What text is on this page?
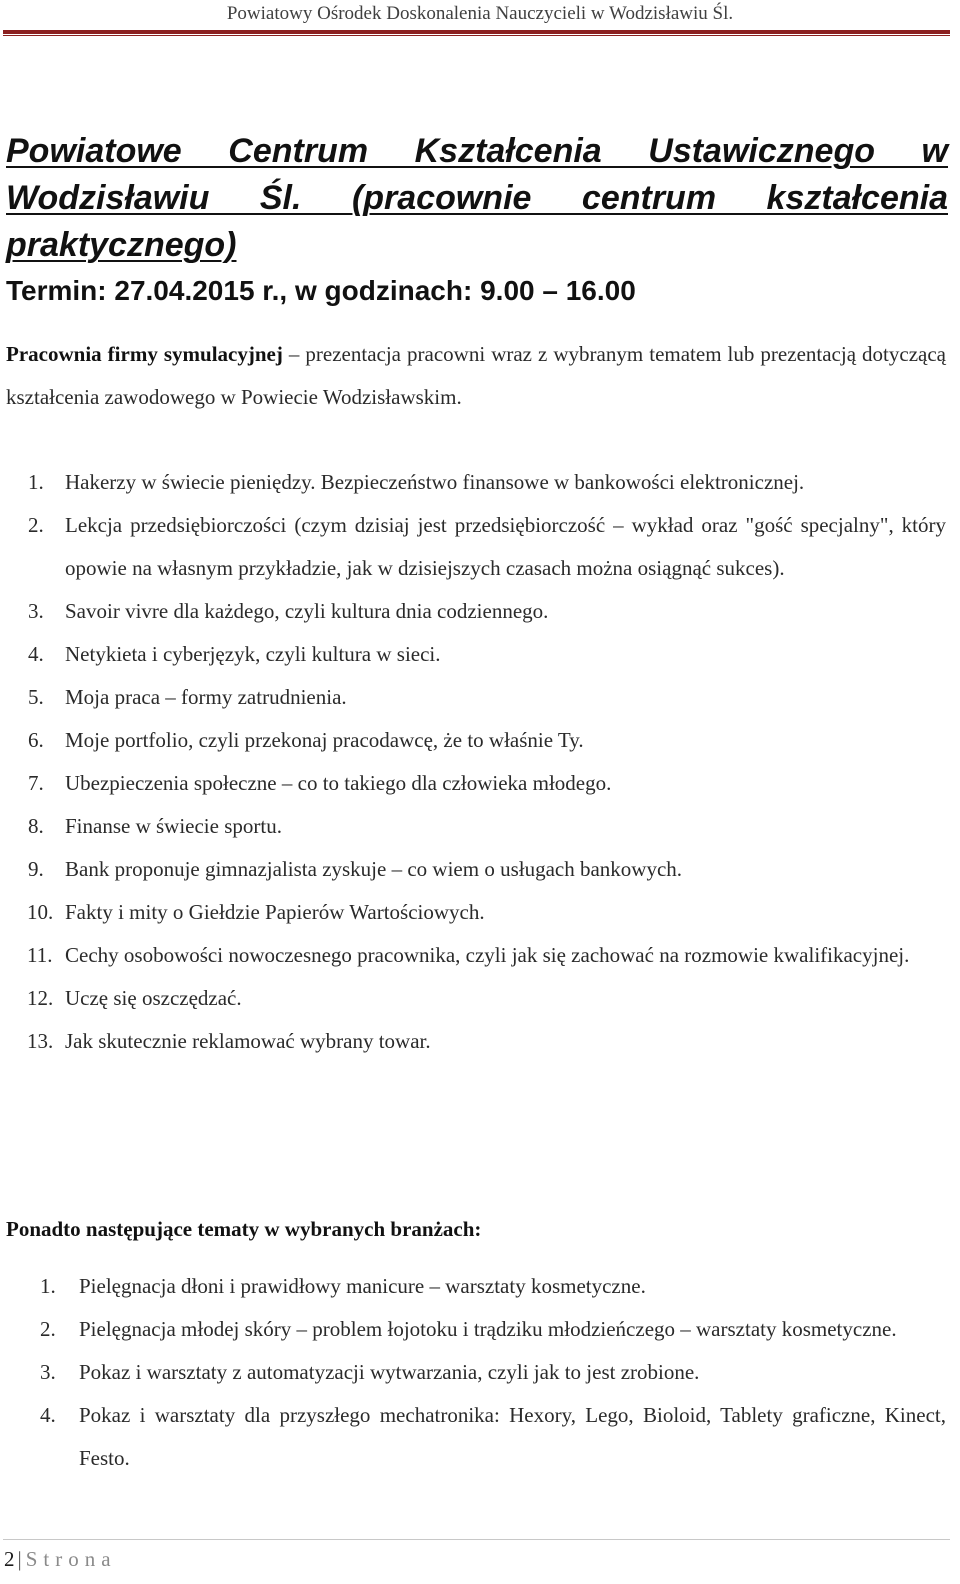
Powiatowy Ośrodek Doskonalenia Nauczycieli w Wodzisławiu Śl.
Powiatowe Centrum Kształcenia Ustawicznego w Wodzisławiu Śl. (pracownie centrum kształcenia praktycznego)

Termin: 27.04.2015 r., w godzinach: 9.00 – 16.00

Pracownia firmy symulacyjnej – prezentacja pracowni wraz z wybranym tematem lub prezentacją dotyczącą kształcenia zawodowego w Powiecie Wodzisławskim.

1. Hakerzy w świecie pieniędzy. Bezpieczeństwo finansowe w bankowości elektronicznej.
2. Lekcja przedsiębiorczości (czym dzisiaj jest przedsiębiorczość – wykład oraz "gość specjalny", który opowie na własnym przykładzie, jak w dzisiejszych czasach można osiągnąć sukces).
3. Savoir vivre dla każdego, czyli kultura dnia codziennego.
4. Netykieta i cyberjęzyk, czyli kultura w sieci.
5. Moja praca – formy zatrudnienia.
6. Moje portfolio, czyli przekonaj pracodawcę, że to właśnie Ty.
7. Ubezpieczenia społeczne – co to takiego dla człowieka młodego.
8. Finanse w świecie sportu.
9. Bank proponuje gimnazjalista zyskuje – co wiem o usługach bankowych.
10. Fakty i mity o Giełdzie Papierów Wartościowych.
11. Cechy osobowości nowoczesnego pracownika, czyli jak się zachować na rozmowie kwalifikacyjnej.
12. Uczę się oszczędzać.
13. Jak skutecznie reklamować wybrany towar.

Ponadto następujące tematy w wybranych branżach:

1. Pielęgnacja dłoni i prawidłowy manicure – warsztaty kosmetyczne.
2. Pielęgnacja młodej skóry – problem łojotoku i trądziku młodzieńczego – warsztaty kosmetyczne.
3. Pokaz i warsztaty z automatyzacji wytwarzania, czyli jak to jest zrobione.
4. Pokaz i warsztaty dla przyszłego mechatronika: Hexory, Lego, Bioloid, Tablety graficzne, Kinect, Festo.
2 | Strona
